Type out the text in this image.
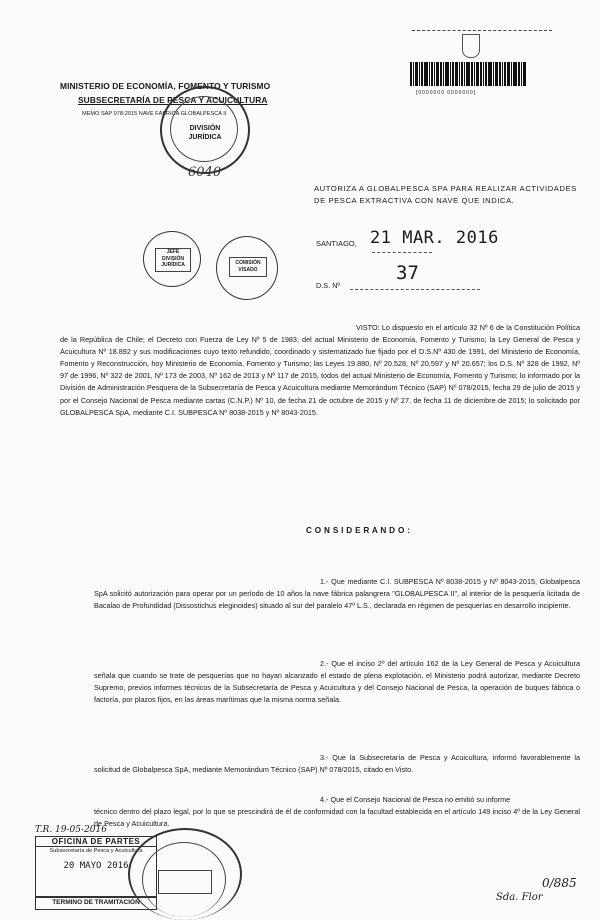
MINISTERIO DE ECONOMÍA, FOMENTO Y TURISMO
SUBSECRETARÍA DE PESCA Y ACUICULTURA
MEMO SAP 078-2015 NAVE FÁBRICA GLOBALPESCA II
DIVISIÓN
JURÍDICA
6040
[0000000 0000000]
AUTORIZA A GLOBALPESCA SPA PARA REALIZAR ACTIVIDADES DE PESCA EXTRACTIVA CON NAVE QUE INDICA.
JEFE
DIVISIÓN
JURÍDICA	COMISIÓN
VISADO
SANTIAGO, 21 MAR. 2016
D.S. Nº
37
VISTO: Lo dispuesto en el artículo 32 Nº 6 de la Constitución Política de la República de Chile; el Decreto con Fuerza de Ley Nº 5 de 1983, del actual Ministerio de Economía, Fomento y Turismo; la Ley General de Pesca y Acuicultura Nº 18.892 y sus modificaciones cuyo texto refundido, coordinado y sistematizado fue fijado por el D.S.Nº 430 de 1991, del Ministerio de Economía, Fomento y Reconstrucción, hoy Ministerio de Economía, Fomento y Turismo; las Leyes 19.880, Nº 20.528, Nº 20.597 y Nº 20.657; los D.S. Nº 328 de 1992, Nº 97 de 1996, Nº 322 de 2001, Nº 173 de 2003, Nº 162 de 2013 y Nº 117 de 2015, todos del actual Ministerio de Economía, Fomento y Turismo; lo informado por la División de Administración Pesquera de la Subsecretaría de Pesca y Acuicultura mediante Memorándum Técnico (SAP) Nº 078/2015, fecha 29 de julio de 2015 y por el Consejo Nacional de Pesca mediante cartas (C.N.P.) Nº 10, de fecha 21 de octubre de 2015 y Nº 27, de fecha 11 de diciembre de 2015; lo solicitado por GLOBALPESCA SpA, mediante C.I. SUBPESCA Nº 8038-2015 y Nº 8043-2015.
C O N S I D E R A N D O :
1.- Que mediante C.I. SUBPESCA Nº 8038-2015 y Nº 8043-2015, Globalpesca SpA solicitó autorización para operar por un período de 10 años la nave fábrica palangrera "GLOBALPESCA II", al interior de la pesquería licitada de Bacalao de Profundidad (Dissostichus eleginoides) situado al sur del paralelo 47º L.S., declarada en régimen de pesquerías en desarrollo incipiente.
2.- Que el inciso 2º del artículo 162 de la Ley General de Pesca y Acuicultura señala que cuando se trate de pesquerías que no hayan alcanzado el estado de plena explotación, el Ministerio podrá autorizar, mediante Decreto Supremo, previos informes técnicos de la Subsecretaría de Pesca y Acuicultura y del Consejo Nacional de Pesca, la operación de buques fábrica o factoría, por plazos fijos, en las áreas marítimas que la misma norma señala.
3.- Que la Subsecretaría de Pesca y Acuicultura, informó favorablemente la solicitud de Globalpesca SpA, mediante Memorándum Técnico (SAP) Nº 078/2015, citado en Visto.
4.- Que el Consejo Nacional de Pesca no emitió su informe
técnico dentro del plazo legal, por lo que se prescindirá de él de conformidad con la facultad establecida en el artículo 149 inciso 4º de la Ley General de Pesca y Acuicultura.
T.R. 19-05-2016
OFICINA DE PARTES
Subsecretaría de Pesca y Acuicultura
20 MAYO 2016
TERMINO DE TRAMITACIÓN	Sda. Flor
0/885
